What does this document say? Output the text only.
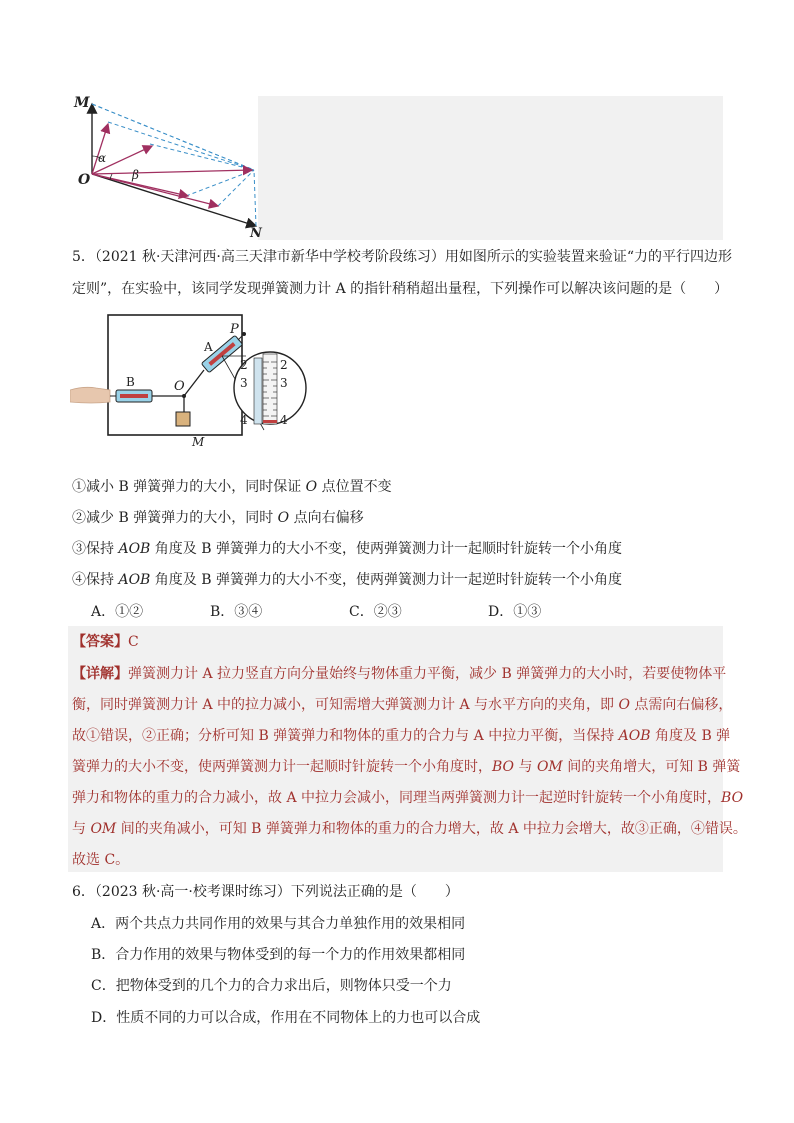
M
O
N
α
β
5．（2021 秋·天津河西·高三天津市新华中学校考阶段练习）用如图所示的实验装置来验证“力的平行四边形
定则”，在实验中，该同学发现弹簧测力计 A 的指针稍稍超出量程，下列操作可以解决该问题的是（　　）
B	O
A
P
M
2
3
4
2
3
4
①减小 B 弹簧弹力的大小，同时保证 O 点位置不变
②减少 B 弹簧弹力的大小，同时 O 点向右偏移
③保持 AOB 角度及 B 弹簧弹力的大小不变，使两弹簧测力计一起顺时针旋转一个小角度
④保持 AOB 角度及 B 弹簧弹力的大小不变，使两弹簧测力计一起逆时针旋转一个小角度
A．①②	B．③④	C．②③	D．①③
【答案】C
【详解】弹簧测力计 A 拉力竖直方向分量始终与物体重力平衡，减少 B 弹簧弹力的大小时，若要使物体平
衡，同时弹簧测力计 A 中的拉力减小，可知需增大弹簧测力计 A 与水平方向的夹角，即 O 点需向右偏移，
故①错误，②正确；分析可知 B 弹簧弹力和物体的重力的合力与 A 中拉力平衡，当保持 AOB 角度及 B 弹
簧弹力的大小不变，使两弹簧测力计一起顺时针旋转一个小角度时，BO 与 OM 间的夹角增大，可知 B 弹簧
弹力和物体的重力的合力减小，故 A 中拉力会减小，同理当两弹簧测力计一起逆时针旋转一个小角度时，BO
与 OM 间的夹角减小，可知 B 弹簧弹力和物体的重力的合力增大，故 A 中拉力会增大，故③正确，④错误。
故选 C。
6．（2023 秋·高一·校考课时练习）下列说法正确的是（　　）
A．两个共点力共同作用的效果与其合力单独作用的效果相同
B．合力作用的效果与物体受到的每一个力的作用效果都相同
C．把物体受到的几个力的合力求出后，则物体只受一个力
D．性质不同的力可以合成，作用在不同物体上的力也可以合成
